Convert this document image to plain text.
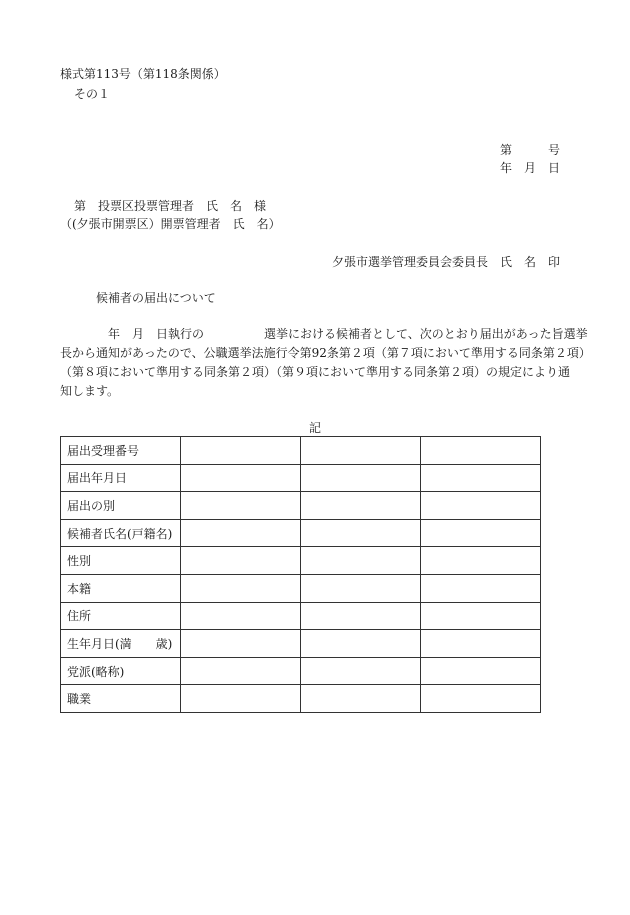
様式第113号（第118条関係）
その１
第	号
年 月 日
第　投票区投票管理者　氏　名　様
（(夕張市開票区）開票管理者　氏　名）
夕張市選挙管理委員会委員長　氏　名　印
候補者の届出について
　　　　年　月　日執行の　　　　　選挙における候補者として、次のとおり届出があった旨選挙
長から通知があったので、公職選挙法施行令第92条第２項（第７項において準用する同条第２項）
（第８項において準用する同条第２項）（第９項において準用する同条第２項）の規定により通
知します。
記
届出受理番号			
届出年月日			
届出の別			
候補者氏名(戸籍名)			
性別			
本籍			
住所			
生年月日(満　　歳)			
党派(略称)			
職業			
